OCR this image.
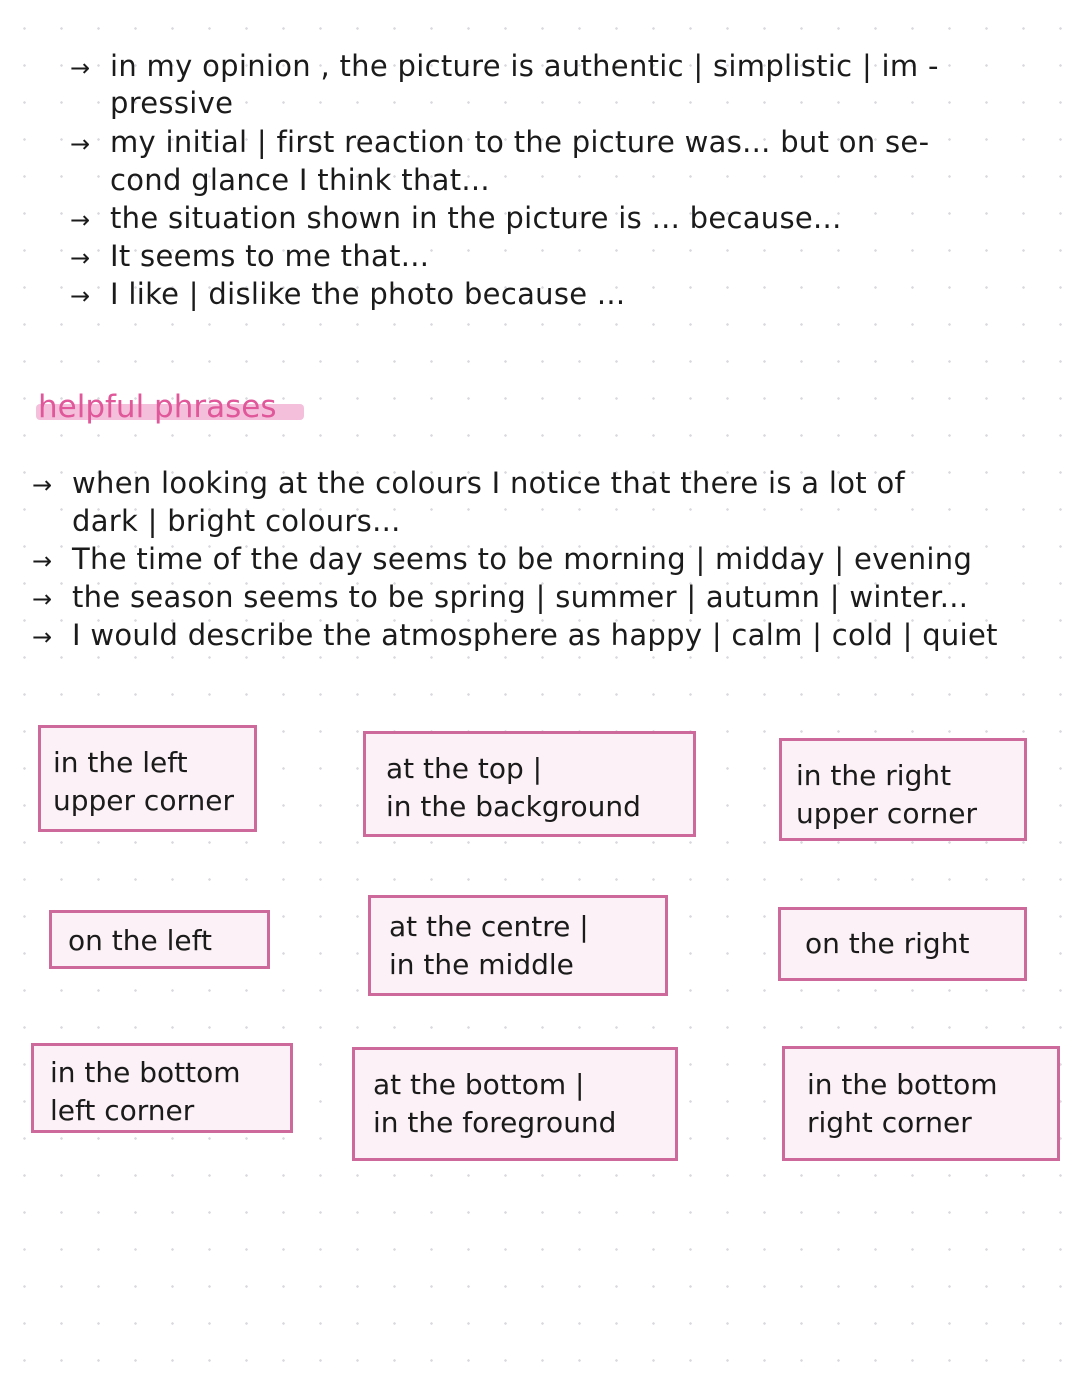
→ in my opinion , the picture is authentic | simplistic | im -
pressive
→ my initial | first reaction to the picture was... but on se-
cond glance I think that...
→ the situation shown in the picture is ... because...
→ It seems to me that...
→ I like | dislike the photo because ...
helpful phrases
→ when looking at the colours I notice that there is a lot of
dark | bright colours...
→ The time of the day seems to be morning | midday | evening
→ the season seems to be spring | summer | autumn | winter...
→ I would describe the atmosphere as happy | calm | cold | quiet
in the left
upper corner
at the top |
in the background
in the right
upper corner
on the left	at the centre |
in the middle
on the right
in the bottom
left corner
at the bottom |
in the foreground
in the bottom
right corner
